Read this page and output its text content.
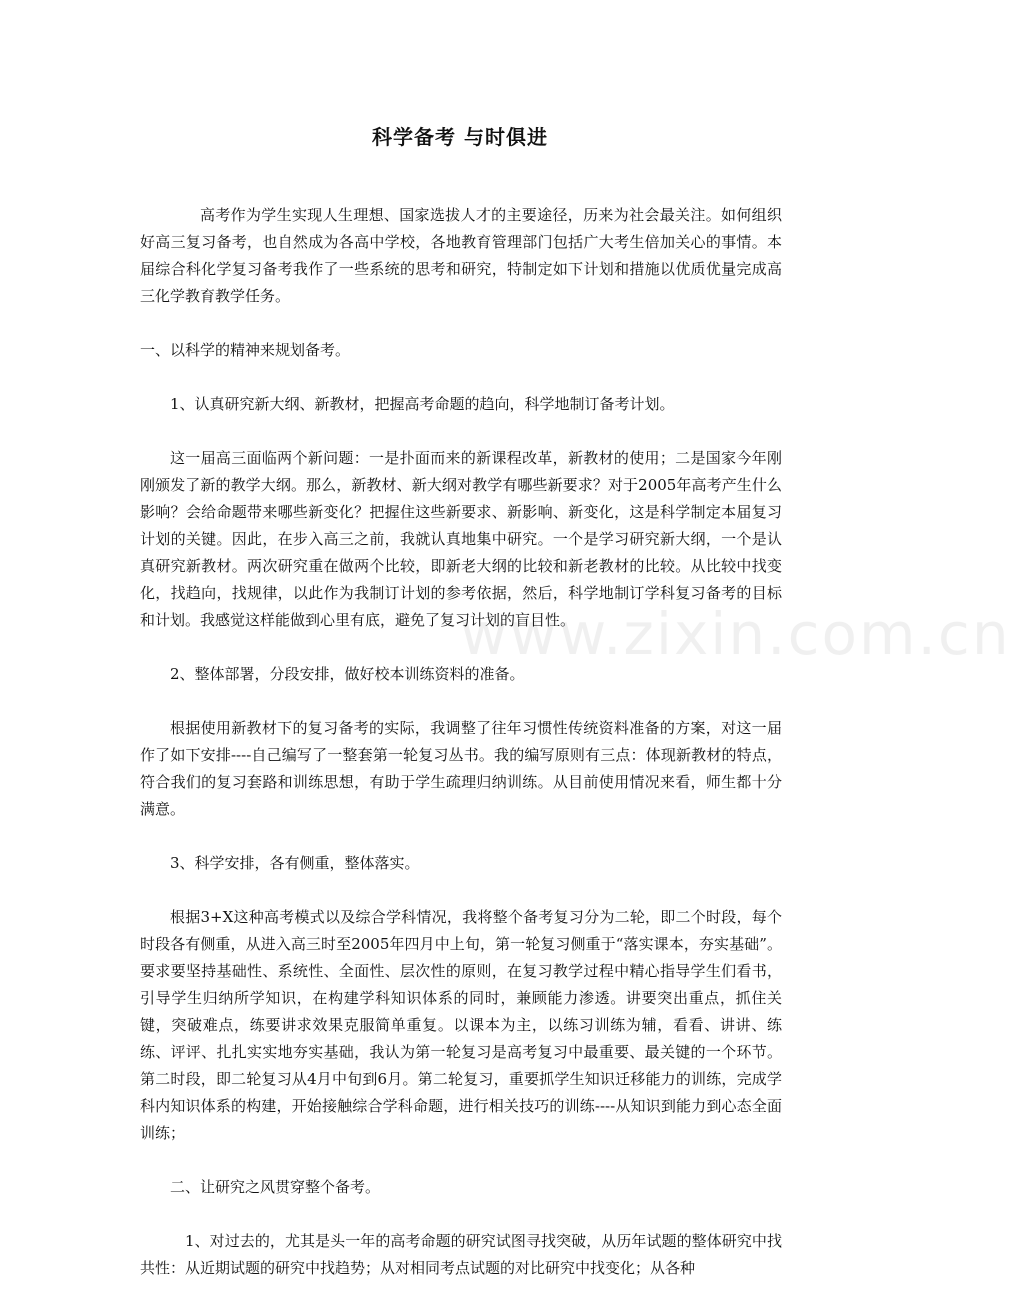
科学备考 与时俱进

高考作为学生实现人生理想、国家选拔人才的主要途径，历来为社会最关注。如何组织好高三复习备考，也自然成为各高中学校，各地教育管理部门包括广大考生倍加关心的事情。本届综合科化学复习备考我作了一些系统的思考和研究，特制定如下计划和措施以优质优量完成高三化学教育教学任务。

一、以科学的精神来规划备考。

1、认真研究新大纲、新教材，把握高考命题的趋向，科学地制订备考计划。

这一届高三面临两个新问题：一是扑面而来的新课程改革，新教材的使用；二是国家今年刚刚颁发了新的教学大纲。那么，新教材、新大纲对教学有哪些新要求？对于2005年高考产生什么影响？会给命题带来哪些新变化？把握住这些新要求、新影响、新变化，这是科学制定本届复习计划的关键。因此，在步入高三之前，我就认真地集中研究。一个是学习研究新大纲，一个是认真研究新教材。两次研究重在做两个比较，即新老大纲的比较和新老教材的比较。从比较中找变化，找趋向，找规律，以此作为我制订计划的参考依据，然后，科学地制订学科复习备考的目标和计划。我感觉这样能做到心里有底，避免了复习计划的盲目性。

2、整体部署，分段安排，做好校本训练资料的准备。

根据使用新教材下的复习备考的实际，我调整了往年习惯性传统资料准备的方案，对这一届作了如下安排----自己编写了一整套第一轮复习丛书。我的编写原则有三点：体现新教材的特点，符合我们的复习套路和训练思想，有助于学生疏理归纳训练。从目前使用情况来看，师生都十分满意。

3、科学安排，各有侧重，整体落实。

根据3+X这种高考模式以及综合学科情况，我将整个备考复习分为二轮，即二个时段，每个时段各有侧重，从进入高三时至2005年四月中上旬，第一轮复习侧重于“落实课本，夯实基础”。要求要坚持基础性、系统性、全面性、层次性的原则，在复习教学过程中精心指导学生们看书，引导学生归纳所学知识，在构建学科知识体系的同时，兼顾能力渗透。讲要突出重点，抓住关键，突破难点，练要讲求效果克服简单重复。以课本为主，以练习训练为辅，看看、讲讲、练练、评评、扎扎实实地夯实基础，我认为第一轮复习是高考复习中最重要、最关键的一个环节。第二时段，即二轮复习从4月中旬到6月。第二轮复习，重要抓学生知识迁移能力的训练，完成学科内知识体系的构建，开始接触综合学科命题，进行相关技巧的训练----从知识到能力到心态全面训练；

二、让研究之风贯穿整个备考。

1、对过去的，尤其是头一年的高考命题的研究试图寻找突破，从历年试题的整体研究中找共性：从近期试题的研究中找趋势；从对相同考点试题的对比研究中找变化；从各种

www.zixin.com.cn
